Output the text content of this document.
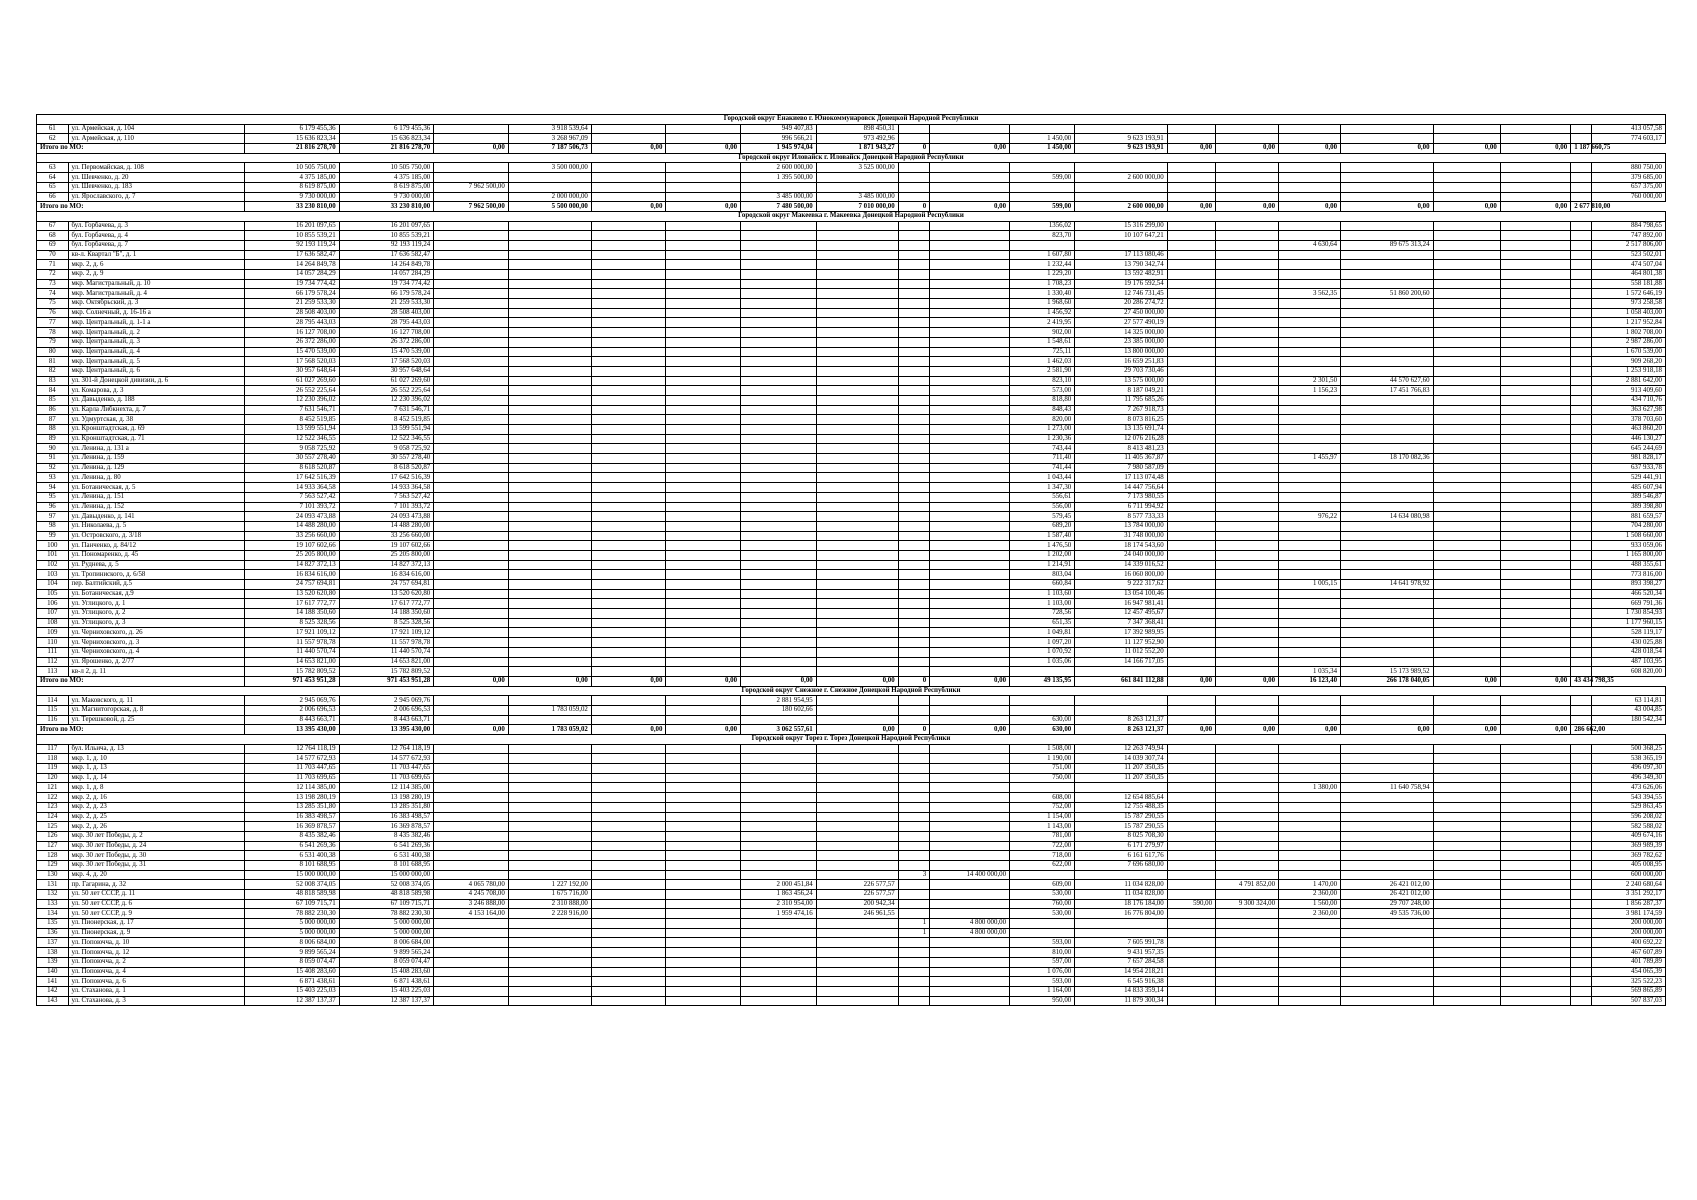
Городской округ Енакиево г. Юнокоммунаровск Донецкой Народной Республики																					
61	ул. Армейская, д. 104	6 179 455,36	6 179 455,36		3 918 539,64			949 407,83	898 450,31												413 057,58
62	ул. Армейская, д. 110	15 636 823,34	15 636 823,34		3 268 967,09			996 566,21	973 492,96			1 450,00	9 623 193,91								774 603,17
Итого по МО:		21 816 278,70	21 816 278,70	0,00	7 187 506,73	0,00	0,00	1 945 974,04	1 871 943,27	0	0,00	1 450,00	9 623 193,91	0,00	0,00	0,00	0,00	0,00	0,00	1 187 660,75	
Городской округ Иловайск г. Иловайск Донецкой Народной Республики																					
63	ул. Первомайская, д. 108	10 505 750,00	10 505 750,00		3 500 000,00			2 600 000,00	3 525 000,00												880 750,00
64	ул. Шевченко, д. 20	4 375 185,00	4 375 185,00					1 395 500,00				599,00	2 600 000,00								379 685,00
65	ул. Шевченко, д. 183	8 619 875,00	8 619 875,00	7 962 500,00																	657 375,00
66	ул. Ярославского, д. 7	9 730 000,00	9 730 000,00		2 000 000,00			3 485 000,00	3 485 000,00												760 000,00
Итого по МО:		33 230 810,00	33 230 810,00	7 962 500,00	5 500 000,00	0,00	0,00	7 480 500,00	7 010 000,00	0	0,00	599,00	2 600 000,00	0,00	0,00	0,00	0,00	0,00	0,00	2 677 810,00	
Городской округ Макеевка г. Макеевка Донецкой Народной Республики																					
67	бул. Горбачева, д. 3	16 201 097,65	16 201 097,65									1356,02	15 316 299,00								884 798,65
68	бул. Горбачева, д. 4	10 855 539,21	10 855 539,21									823,70	10 107 647,21								747 892,00
69	бул. Горбачева, д. 7	92 193 119,24	92 193 119,24													4 630,64	89 675 313,24				2 517 806,00
70	кв-л. Квартал "Б", д. 1	17 636 582,47	17 636 582,47									1 607,80	17 113 080,46								523 502,01
71	мкр. 2, д. 6	14 264 849,78	14 264 849,78									1 232,44	13 790 342,74								474 507,04
72	мкр. 2, д. 9	14 057 284,29	14 057 284,29									1 229,20	13 592 482,91								464 801,38
73	мкр. Магистральный, д. 10	19 734 774,42	19 734 774,42									1 708,23	19 176 592,54								558 181,88
74	мкр. Магистральный, д. 4	66 179 578,24	66 179 578,24									1 330,40	12 746 731,45			3 562,35	51 860 200,60				1 572 646,19
75	мкр. Октябрьский, д. 3	21 259 533,30	21 259 533,30									1 968,60	20 286 274,72								973 258,58
76	мкр. Солнечный, д. 16-16 а	28 508 403,00	28 508 403,00									1 456,92	27 450 000,00								1 058 403,00
77	мкр. Центральный, д. 1-1 а	28 795 443,03	28 795 443,03									2 419,95	27 577 490,19								1 217 952,84
78	мкр. Центральный, д. 2	16 127 708,00	16 127 708,00									902,00	14 325 000,00								1 802 708,00
79	мкр. Центральный, д. 3	26 372 286,00	26 372 286,00									1 548,61	23 385 000,00								2 987 286,00
80	мкр. Центральный, д. 4	15 470 539,00	15 470 539,00									725,11	13 800 000,00								1 670 539,00
81	мкр. Центральный, д. 5	17 568 520,03	17 568 520,03									1 462,03	16 659 251,83								909 268,20
82	мкр. Центральный, д. 6	30 957 648,64	30 957 648,64									2 581,90	29 703 730,46								1 253 918,18
83	ул. 301-й Донецкой дивизии, д. 6	61 027 269,60	61 027 269,60									823,10	13 575 000,00			2 301,50	44 570 627,60				2 881 642,00
84	ул. Комарова, д. 3	26 552 225,64	26 552 225,64									573,00	8 187 049,21			1 156,23	17 451 766,83				913 409,60
85	ул. Давыденко, д. 188	12 230 396,02	12 230 396,02									818,80	11 795 685,26								434 710,76
86	ул. Карла Либкнехта, д. 7	7 631 546,71	7 631 546,71									848,43	7 267 918,73								363 627,98
87	ул. Удмуртская, д. 38	8 452 519,85	8 452 519,85									820,00	8 073 816,25								378 703,60
88	ул. Кронштадтская, д. 69	13 599 551,94	13 599 551,94									1 273,00	13 135 691,74								463 860,20
89	ул. Кронштадтская, д. 71	12 522 346,55	12 522 346,55									1 230,36	12 076 216,28								446 130,27
90	ул. Ленина, д. 131 а	9 058 725,92	9 058 725,92									743,44	8 413 481,23								645 244,69
91	ул. Ленина, д. 159	30 557 278,40	30 557 278,40									711,40	11 405 367,87			1 455,97	18 170 082,36				981 828,17
92	ул. Ленина, д. 129	8 618 520,87	8 618 520,87									741,44	7 980 587,09								637 933,78
93	ул. Ленина, д. 80	17 642 516,39	17 642 516,39									1 043,44	17 113 074,48								529 441,91
94	ул. Ботаническая, д. 5	14 933 364,58	14 933 364,58									1 347,30	14 447 756,64								485 607,94
95	ул. Ленина, д. 151	7 563 527,42	7 563 527,42									556,61	7 173 980,55								389 546,87
96	ул. Ленина, д. 152	7 101 393,72	7 101 393,72									556,00	6 711 994,92								389 398,80
97	ул. Давыденко, д. 141	24 093 473,88	24 093 473,88									579,45	8 577 733,33			976,22	14 634 080,98				881 659,57
98	ул. Николаева, д. 5	14 488 280,00	14 488 280,00									689,20	13 784 000,00								704 280,00
99	ул. Островского, д. 3/18	33 256 660,00	33 256 660,00									1 587,40	31 748 000,00								1 508 660,00
100	ул. Панченко, д. 84/12	19 107 602,66	19 107 602,66									1 476,50	18 174 543,60								933 059,06
101	ул. Пономаренко, д. 45	25 205 800,00	25 205 800,00									1 202,00	24 040 000,00								1 165 800,00
102	ул. Руднева, д. 5	14 827 372,13	14 827 372,13									1 214,91	14 339 016,52								488 355,61
103	ул. Тропиниского, д. 6/58	16 834 616,00	16 834 616,00									803,04	16 060 800,00								773 816,00
104	пер. Балтийский, д.5	24 757 694,81	24 757 694,81									660,84	9 222 317,62			1 005,15	14 641 978,92				893 398,27
105	ул. Ботаническая, д.9	13 520 620,80	13 520 620,80									1 103,60	13 054 100,46								466 520,34
106	ул. Углицкого, д. 1	17 617 772,77	17 617 772,77									1 103,00	16 947 981,41								669 791,36
107	ул. Углицкого, д. 2	14 188 350,60	14 188 350,60									728,56	12 457 495,67								1 730 854,93
108	ул. Углицкого, д. 3	8 525 328,56	8 525 328,56									651,35	7 347 368,41								1 177 960,15
109	ул. Черниховского, д. 26	17 921 109,12	17 921 109,12									1 049,81	17 392 989,95								528 119,17
110	ул. Черниховского, д. 3	11 557 978,78	11 557 978,78									1 097,20	11 127 952,90								430 025,88
111	ул. Черниховского, д. 4	11 440 570,74	11 440 570,74									1 070,92	11 012 552,20								428 018,54
112	ул. Ярошенко, д. 2/77	14 653 821,00	14 653 821,00									1 035,06	14 166 717,05								487 103,95
113	кв-л 2, д. 11	15 782 809,52	15 782 809,52													1 035,34	15 173 989,52				608 820,00
Итого по МО:		971 453 951,28	971 453 951,28	0,00	0,00	0,00	0,00	0,00	0,00	0	0,00	49 135,95	661 841 112,88	0,00	0,00	16 123,40	266 178 040,05	0,00	0,00	43 434 798,35	
Городской округ Снежное г. Снежное Донецкой Народной Республики																					
114	ул. Маковского, д. 11	2 945 069,76	2 945 069,76					2 881 954,95													63 114,81
115	ул. Магнитогорская, д. 8	2 006 696,53	2 006 696,53		1 783 059,02			180 602,66													43 004,85
116	ул. Терешковой, д. 25	8 443 663,71	8 443 663,71									630,00	8 263 121,37								180 542,34
Итого по МО:		13 395 430,00	13 395 430,00	0,00	1 783 059,02	0,00	0,00	3 062 557,61	0,00	0	0,00	630,00	8 263 121,37	0,00	0,00	0,00	0,00	0,00	0,00	286 662,00	
Городской округ Торез г. Торез Донецкой Народной Республики																					
117	бул. Ильича, д. 13	12 764 118,19	12 764 118,19									1 508,00	12 263 749,94								500 368,25
118	мкр. 1, д. 10	14 577 672,93	14 577 672,93									1 190,00	14 039 307,74								538 365,19
119	мкр. 1, д. 13	11 703 447,65	11 703 447,65									751,00	11 207 350,35								496 097,30
120	мкр. 1, д. 14	11 703 699,65	11 703 699,65									750,00	11 207 350,35								496 349,30
121	мкр. 1, д. 8	12 114 385,00	12 114 385,00													1 380,00	11 640 758,94				473 626,06
122	мкр. 2, д. 16	13 198 280,19	13 198 280,19									608,00	12 654 885,64								543 394,55
123	мкр. 2, д. 23	13 285 351,80	13 285 351,80									752,00	12 755 488,35								529 863,45
124	мкр. 2, д. 25	16 383 498,57	16 383 498,57									1 154,00	15 787 290,55								596 208,02
125	мкр. 2, д. 26	16 369 878,57	16 369 878,57									1 143,00	15 787 290,55								582 588,02
126	мкр. 30 лет Победы, д. 2	8 435 382,46	8 435 382,46									781,00	8 025 708,30								409 674,16
127	мкр. 30 лет Победы, д. 24	6 541 269,36	6 541 269,36									722,00	6 171 279,97								369 989,39
128	мкр. 30 лет Победы, д. 30	6 531 400,38	6 531 400,38									718,00	6 161 617,76								369 782,62
129	мкр. 30 лет Победы, д. 31	8 101 688,95	8 101 688,95									622,00	7 696 680,00								405 008,95
130	мкр. 4, д. 20	15 000 000,00	15 000 000,00							3	14 400 000,00										600 000,00
131	пр. Гагарина, д. 32	52 008 374,05	52 008 374,05	4 065 780,00	1 227 192,00			2 000 451,84	226 577,57			609,00	11 034 828,00		4 791 852,00	1 470,00	26 421 012,00				2 240 680,64
132	ул. 50 лет СССР, д. 11	48 818 589,98	48 818 589,98	4 245 708,00	1 675 716,00			1 863 456,24	226 577,57			530,00	11 034 828,00			2 360,00	26 421 012,00				3 351 292,17
133	ул. 50 лет СССР, д. 6	67 109 715,71	67 109 715,71	3 246 888,00	2 310 888,00			2 310 954,00	200 942,34			760,00	18 176 184,00	590,00	9 300 324,00	1 560,00	29 707 248,00				1 856 287,37
134	ул. 50 лет СССР, д. 9	78 882 230,30	78 882 230,30	4 153 164,00	2 228 916,00			1 959 474,16	246 961,55			530,00	16 776 804,00			2 360,00	49 535 736,00				3 981 174,59
135	ул. Пионерская, д. 17	5 000 000,00	5 000 000,00							1	4 800 000,00										200 000,00
136	ул. Пионерская, д. 9	5 000 000,00	5 000 000,00							1	4 800 000,00										200 000,00
137	ул. Попоючча, д. 10	8 006 684,00	8 006 684,00									593,00	7 605 991,78								400 692,22
138	ул. Попоючча, д. 12	9 899 565,24	9 899 565,24									810,00	9 431 957,35								467 607,89
139	ул. Попоючча, д. 2	8 059 074,47	8 059 074,47									597,00	7 657 284,58								401 789,89
140	ул. Попоючча, д. 4	15 408 283,60	15 408 283,60									1 076,00	14 954 218,21								454 065,39
141	ул. Попоючча, д. 6	6 871 438,61	6 871 438,61									593,00	6 545 916,38								325 522,23
142	ул. Стаханова, д. 1	15 403 225,03	15 403 225,03									1 164,00	14 833 359,14								569 865,89
143	ул. Стаханова, д. 3	12 387 137,37	12 387 137,37									950,00	11 879 300,34								507 837,03
